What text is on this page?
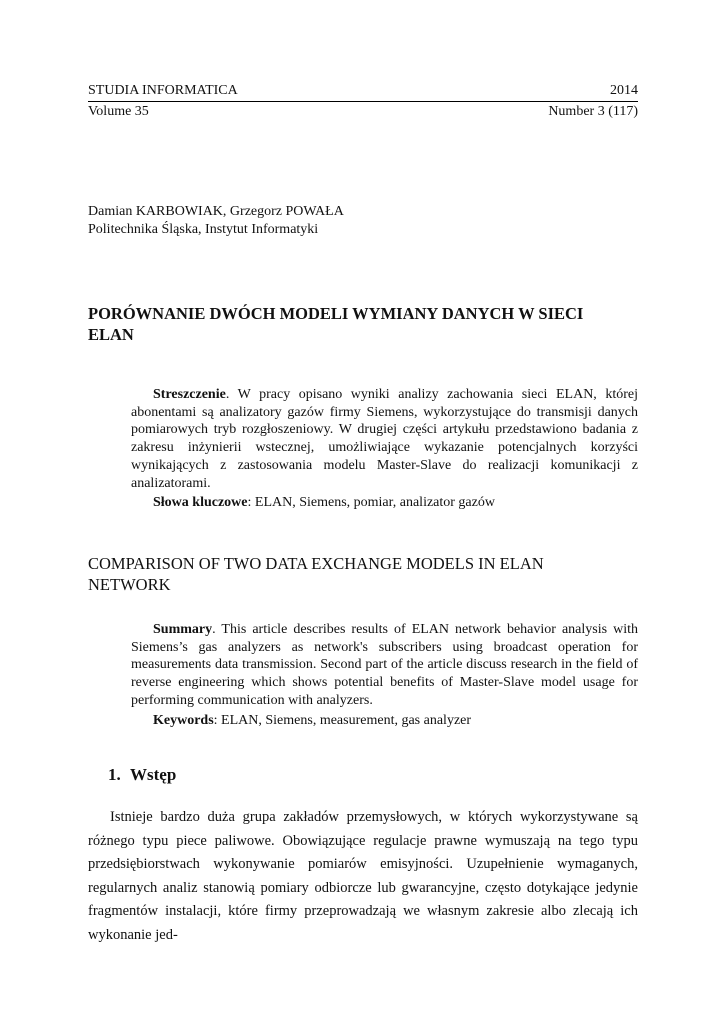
STUDIA INFORMATICA	2014
Volume 35	Number 3 (117)
Damian KARBOWIAK, Grzegorz POWAŁA
Politechnika Śląska, Instytut Informatyki
PORÓWNANIE DWÓCH MODELI WYMIANY DANYCH W SIECI
ELAN

Streszczenie. W pracy opisano wyniki analizy zachowania sieci ELAN, której abonentami są analizatory gazów firmy Siemens, wykorzystujące do transmisji danych pomiarowych tryb rozgłoszeniowy. W drugiej części artykułu przedstawiono badania z zakresu inżynierii wstecznej, umożliwiające wykazanie potencjalnych korzyści wynikających z zastosowania modelu Master-Slave do realizacji komunikacji z analizatorami.

Słowa kluczowe: ELAN, Siemens, pomiar, analizator gazów

COMPARISON OF TWO DATA EXCHANGE MODELS IN ELAN
NETWORK

Summary. This article describes results of ELAN network behavior analysis with Siemens’s gas analyzers as network's subscribers using broadcast operation for measurements data transmission. Second part of the article discuss research in the field of reverse engineering which shows potential benefits of Master-Slave model usage for performing communication with analyzers.

Keywords: ELAN, Siemens, measurement, gas analyzer

1. Wstęp

Istnieje bardzo duża grupa zakładów przemysłowych, w których wykorzystywane są różnego typu piece paliwowe. Obowiązujące regulacje prawne wymuszają na tego typu przedsiębiorstwach wykonywanie pomiarów emisyjności. Uzupełnienie wymaganych, regularnych analiz stanowią pomiary odbiorcze lub gwarancyjne, często dotykające jedynie fragmentów instalacji, które firmy przeprowadzają we własnym zakresie albo zlecają ich wykonanie jed-
